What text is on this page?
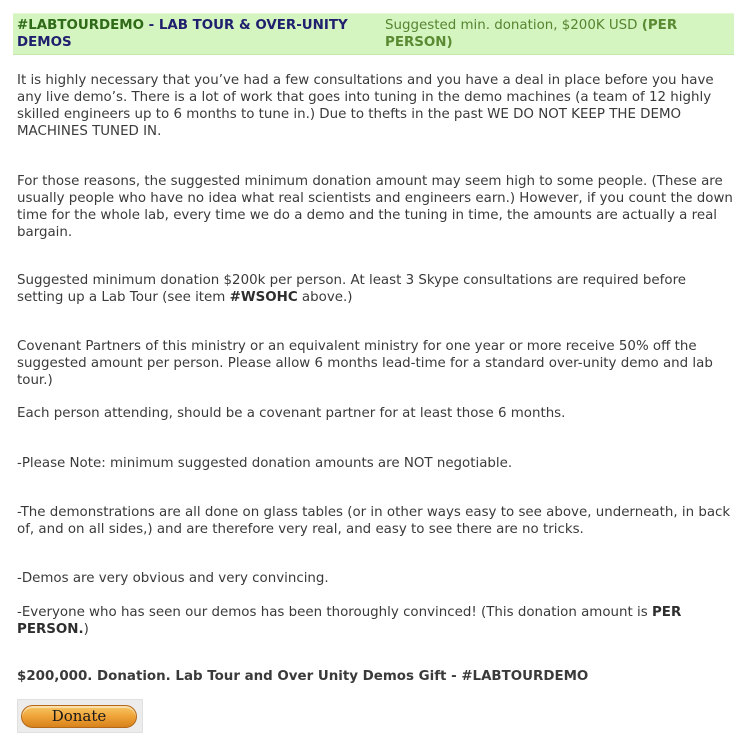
#LABTOURDEMO - LAB TOUR & OVER-UNITY DEMOS
Suggested min. donation, $200K USD (PER PERSON)

It is highly necessary that you’ve had a few consultations and you have a deal in place before you have any live demo’s. There is a lot of work that goes into tuning in the demo machines (a team of 12 highly skilled engineers up to 6 months to tune in.) Due to thefts in the past WE DO NOT KEEP THE DEMO MACHINES TUNED IN.

For those reasons, the suggested minimum donation amount may seem high to some people. (These are usually people who have no idea what real scientists and engineers earn.) However, if you count the down time for the whole lab, every time we do a demo and the tuning in time, the amounts are actually a real bargain.

Suggested minimum donation $200k per person. At least 3 Skype consultations are required before setting up a Lab Tour (see item #WSOHC above.)

Covenant Partners of this ministry or an equivalent ministry for one year or more receive 50% off the suggested amount per person. Please allow 6 months lead-time for a standard over-unity demo and lab tour.)

Each person attending, should be a covenant partner for at least those 6 months.

-Please Note: minimum suggested donation amounts are NOT negotiable.

-The demonstrations are all done on glass tables (or in other ways easy to see above, underneath, in back of, and on all sides,) and are therefore very real, and easy to see there are no tricks.

-Demos are very obvious and very convincing.

-Everyone who has seen our demos has been thoroughly convinced! (This donation amount is PER PERSON.)

$200,000. Donation. Lab Tour and Over Unity Demos Gift - #LABTOURDEMO

Donate
